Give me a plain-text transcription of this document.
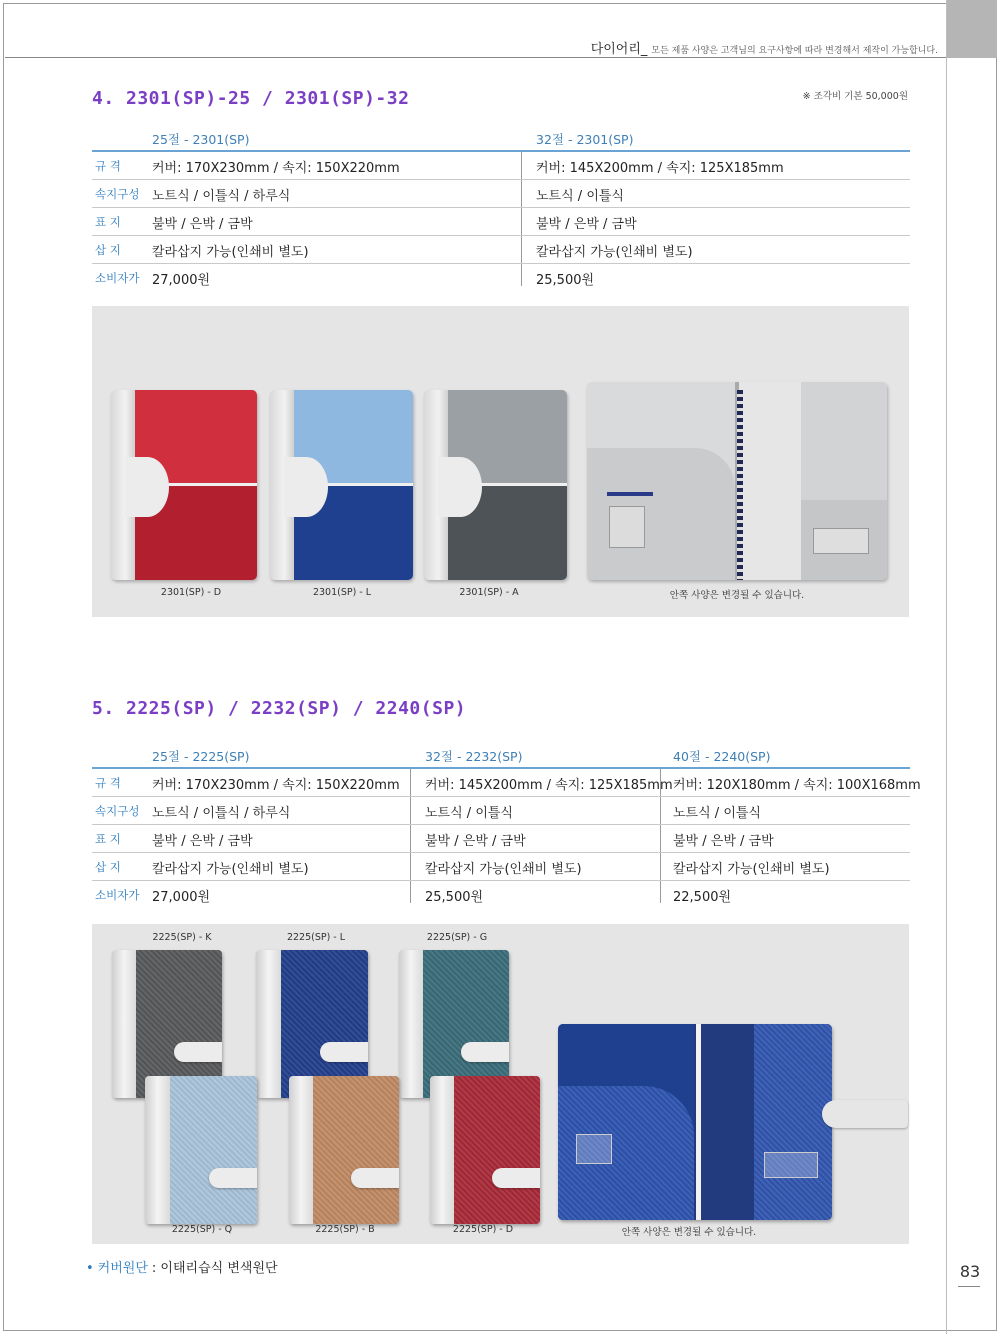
다이어리_ 모든 제품 사양은 고객님의 요구사항에 따라 변경해서 제작이 가능합니다.
4. 2301(SP)-25 / 2301(SP)-32	※ 조각비 기본 50,000원
25절 - 2301(SP)	32절 - 2301(SP)
규 격	커버: 170X230mm / 속지: 150X220mm	커버: 145X200mm / 속지: 125X185mm
속지구성 노트식 / 이틀식 / 하루식	노트식 / 이틀식
표 지	불박 / 은박 / 금박	불박 / 은박 / 금박
삽 지	칼라삽지 가능(인쇄비 별도)	칼라삽지 가능(인쇄비 별도)
소비자가 27,000원	25,500원
2301(SP) - D	2301(SP) - L	2301(SP) - A	안쪽 사양은 변경될 수 있습니다.
5. 2225(SP) / 2232(SP) / 2240(SP)
25절 - 2225(SP)	32절 - 2232(SP)	40절 - 2240(SP)
규 격	커버: 170X230mm / 속지: 150X220mm 커버: 145X200mm / 속지: 125X185mm 커버: 120X180mm / 속지: 100X168mm
속지구성 노트식 / 이틀식 / 하루식	노트식 / 이틀식	노트식 / 이틀식
표 지	불박 / 은박 / 금박	불박 / 은박 / 금박	불박 / 은박 / 금박
삽 지	칼라삽지 가능(인쇄비 별도)	칼라삽지 가능(인쇄비 별도)	칼라삽지 가능(인쇄비 별도)
소비자가 27,000원	25,500원	22,500원
2225(SP) - K	2225(SP) - L	2225(SP) - G
2225(SP) - Q	2225(SP) - B	2225(SP) - D	안쪽 사양은 변경될 수 있습니다.
• 커버원단 : 이태리습식 변색원단	83
